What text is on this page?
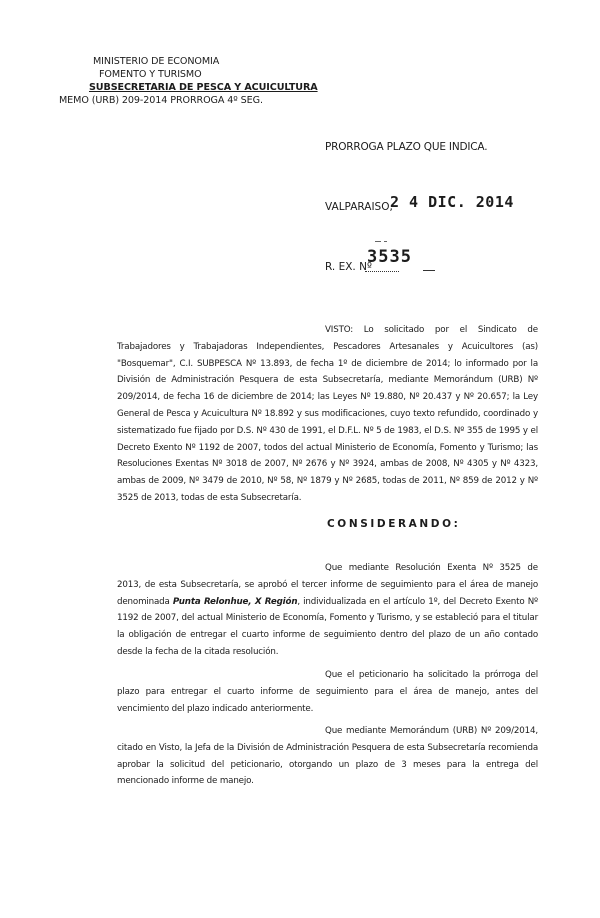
MINISTERIO DE ECONOMIA
FOMENTO Y TURISMO
SUBSECRETARIA DE PESCA Y ACUICULTURA
MEMO (URB) 209-2014 PRORROGA 4º SEG.
PRORROGA PLAZO QUE INDICA.
VALPARAISO,
2 4 DIC. 2014
R. EX. Nº
3535

VISTO: Lo solicitado por el Sindicato de Trabajadores y Trabajadoras Independientes, Pescadores Artesanales y Acuicultores (as) "Bosquemar", C.I. SUBPESCA Nº 13.893, de fecha 1º de diciembre de 2014; lo informado por la División de Administración Pesquera de esta Subsecretaría, mediante Memorándum (URB) Nº 209/2014, de fecha 16 de diciembre de 2014; las Leyes Nº 19.880, Nº 20.437 y Nº 20.657; la Ley General de Pesca y Acuicultura Nº 18.892 y sus modificaciones, cuyo texto refundido, coordinado y sistematizado fue fijado por D.S. Nº 430 de 1991, el D.F.L. Nº 5 de 1983, el D.S. Nº 355 de 1995 y el Decreto Exento Nº 1192 de 2007, todos del actual Ministerio de Economía, Fomento y Turismo; las Resoluciones Exentas Nº 3018 de 2007, Nº 2676 y Nº 3924, ambas de 2008, Nº 4305 y Nº 4323, ambas de 2009, Nº 3479 de 2010, Nº 58, Nº 1879 y Nº 2685, todas de 2011, Nº 859 de 2012 y Nº 3525 de 2013, todas de esta Subsecretaría.

CONSIDERANDO:

Que mediante Resolución Exenta Nº 3525 de 2013, de esta Subsecretaría, se aprobó el tercer informe de seguimiento para el área de manejo denominada Punta Relonhue, X Región, individualizada en el artículo 1º, del Decreto Exento Nº 1192 de 2007, del actual Ministerio de Economía, Fomento y Turismo, y se estableció para el titular la obligación de entregar el cuarto informe de seguimiento dentro del plazo de un año contado desde la fecha de la citada resolución.

Que el peticionario ha solicitado la prórroga del plazo para entregar el cuarto informe de seguimiento para el área de manejo, antes del vencimiento del plazo indicado anteriormente.

Que mediante Memorándum (URB) Nº 209/2014, citado en Visto, la Jefa de la División de Administración Pesquera de esta Subsecretaría recomienda aprobar la solicitud del peticionario, otorgando un plazo de 3 meses para la entrega del mencionado informe de manejo.
